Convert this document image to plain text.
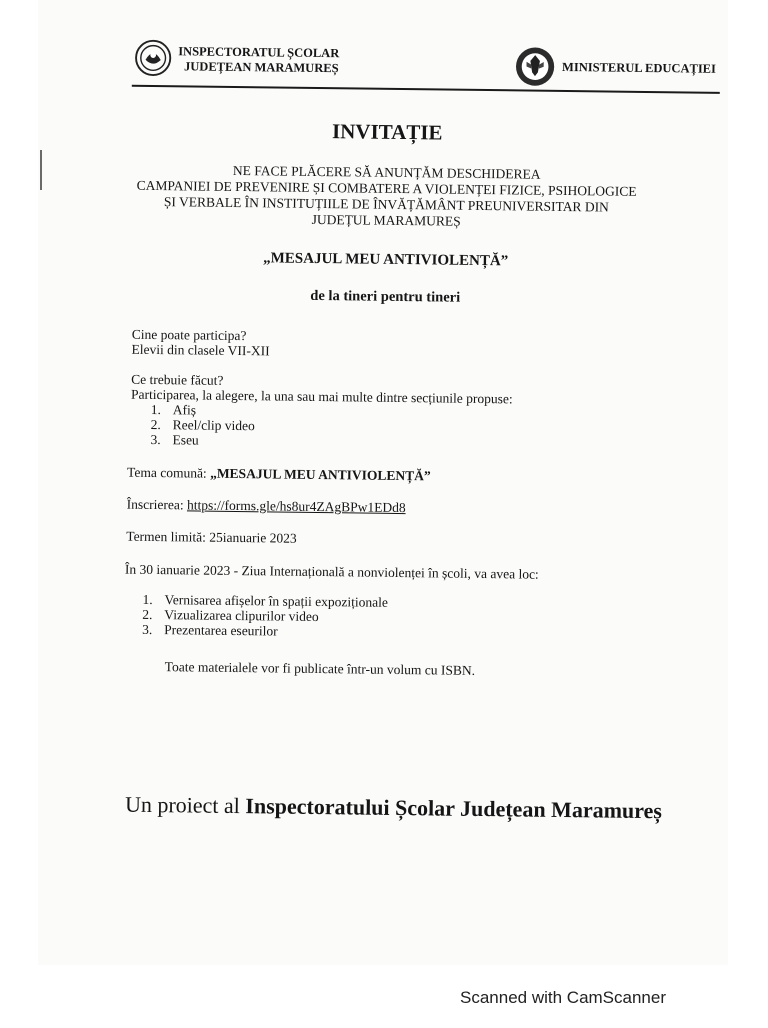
INSPECTORATUL ȘCOLAR
JUDEȚEAN MARAMUREȘ	MINISTERUL EDUCAȚIEI
INVITAȚIE
NE FACE PLĂCERE SĂ ANUNȚĂM DESCHIDEREA
CAMPANIEI DE PREVENIRE ȘI COMBATERE A VIOLENȚEI FIZICE, PSIHOLOGICE
ȘI VERBALE ÎN INSTITUȚIILE DE ÎNVĂȚĂMÂNT PREUNIVERSITAR DIN
JUDEȚUL MARAMUREȘ
„MESAJUL MEU ANTIVIOLENȚĂ”
de la tineri pentru tineri
Cine poate participa?
Elevii din clasele VII-XII
Ce trebuie făcut?
Participarea, la alegere, la una sau mai multe dintre secțiunile propuse:
1. Afiș
2. Reel/clip video
3. Eseu
Tema comună: „MESAJUL MEU ANTIVIOLENȚĂ”
Înscrierea: https://forms.gle/hs8ur4ZAgBPw1EDd8
Termen limită: 25ianuarie 2023
În 30 ianuarie 2023 - Ziua Internațională a nonviolenței în școli, va avea loc:
1. Vernisarea afișelor în spații expoziționale
2. Vizualizarea clipurilor video
3. Prezentarea eseurilor
Toate materialele vor fi publicate într-un volum cu ISBN.
Un proiect al Inspectoratului Școlar Județean Maramureș
Scanned with CamScanner
